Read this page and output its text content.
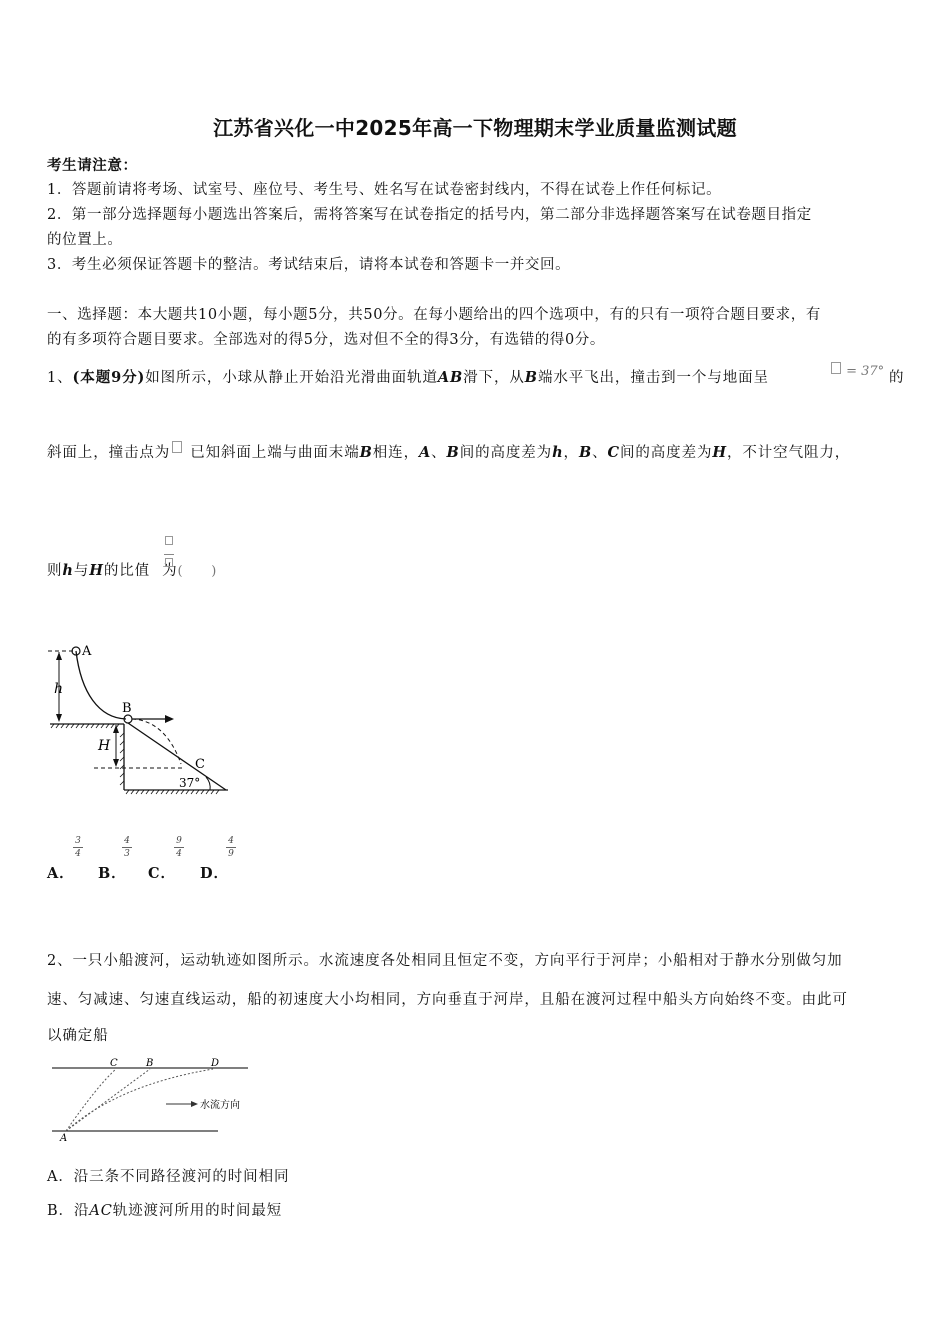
江苏省兴化一中2025年高一下物理期末学业质量监测试题
考生请注意：
1．答题前请将考场、试室号、座位号、考生号、姓名写在试卷密封线内，不得在试卷上作任何标记。
2．第一部分选择题每小题选出答案后，需将答案写在试卷指定的括号内，第二部分非选择题答案写在试卷题目指定
的位置上。
3．考生必须保证答题卡的整洁。考试结束后，请将本试卷和答题卡一并交回。
一、选择题：本大题共10小题，每小题5分，共50分。在每小题给出的四个选项中，有的只有一项符合题目要求，有
的有多项符合题目要求。全部选对的得5分，选对但不全的得3分，有选错的得0分。
1、(本题9分)如图所示，小球从静止开始沿光滑曲面轨道AB滑下，从B端水平飞出，撞击到一个与地面呈	= 37° 的
斜面上，撞击点为 已知斜面上端与曲面末端B相连，A、B间的高度差为h，B、C间的高度差为H，不计空气阻力，
则h与H的比值 为(　　)
A
h
B
H
C
37°
A．
3
4
B．
4
3
C．
9
4
D．
4
9
2、一只小船渡河，运动轨迹如图所示。水流速度各处相同且恒定不变，方向平行于河岸；小船相对于静水分别做匀加
速、匀减速、匀速直线运动，船的初速度大小均相同，方向垂直于河岸，且船在渡河过程中船头方向始终不变。由此可
以确定船
C	B	D
A
水流方向
A．沿三条不同路径渡河的时间相同
B．沿AC轨迹渡河所用的时间最短
